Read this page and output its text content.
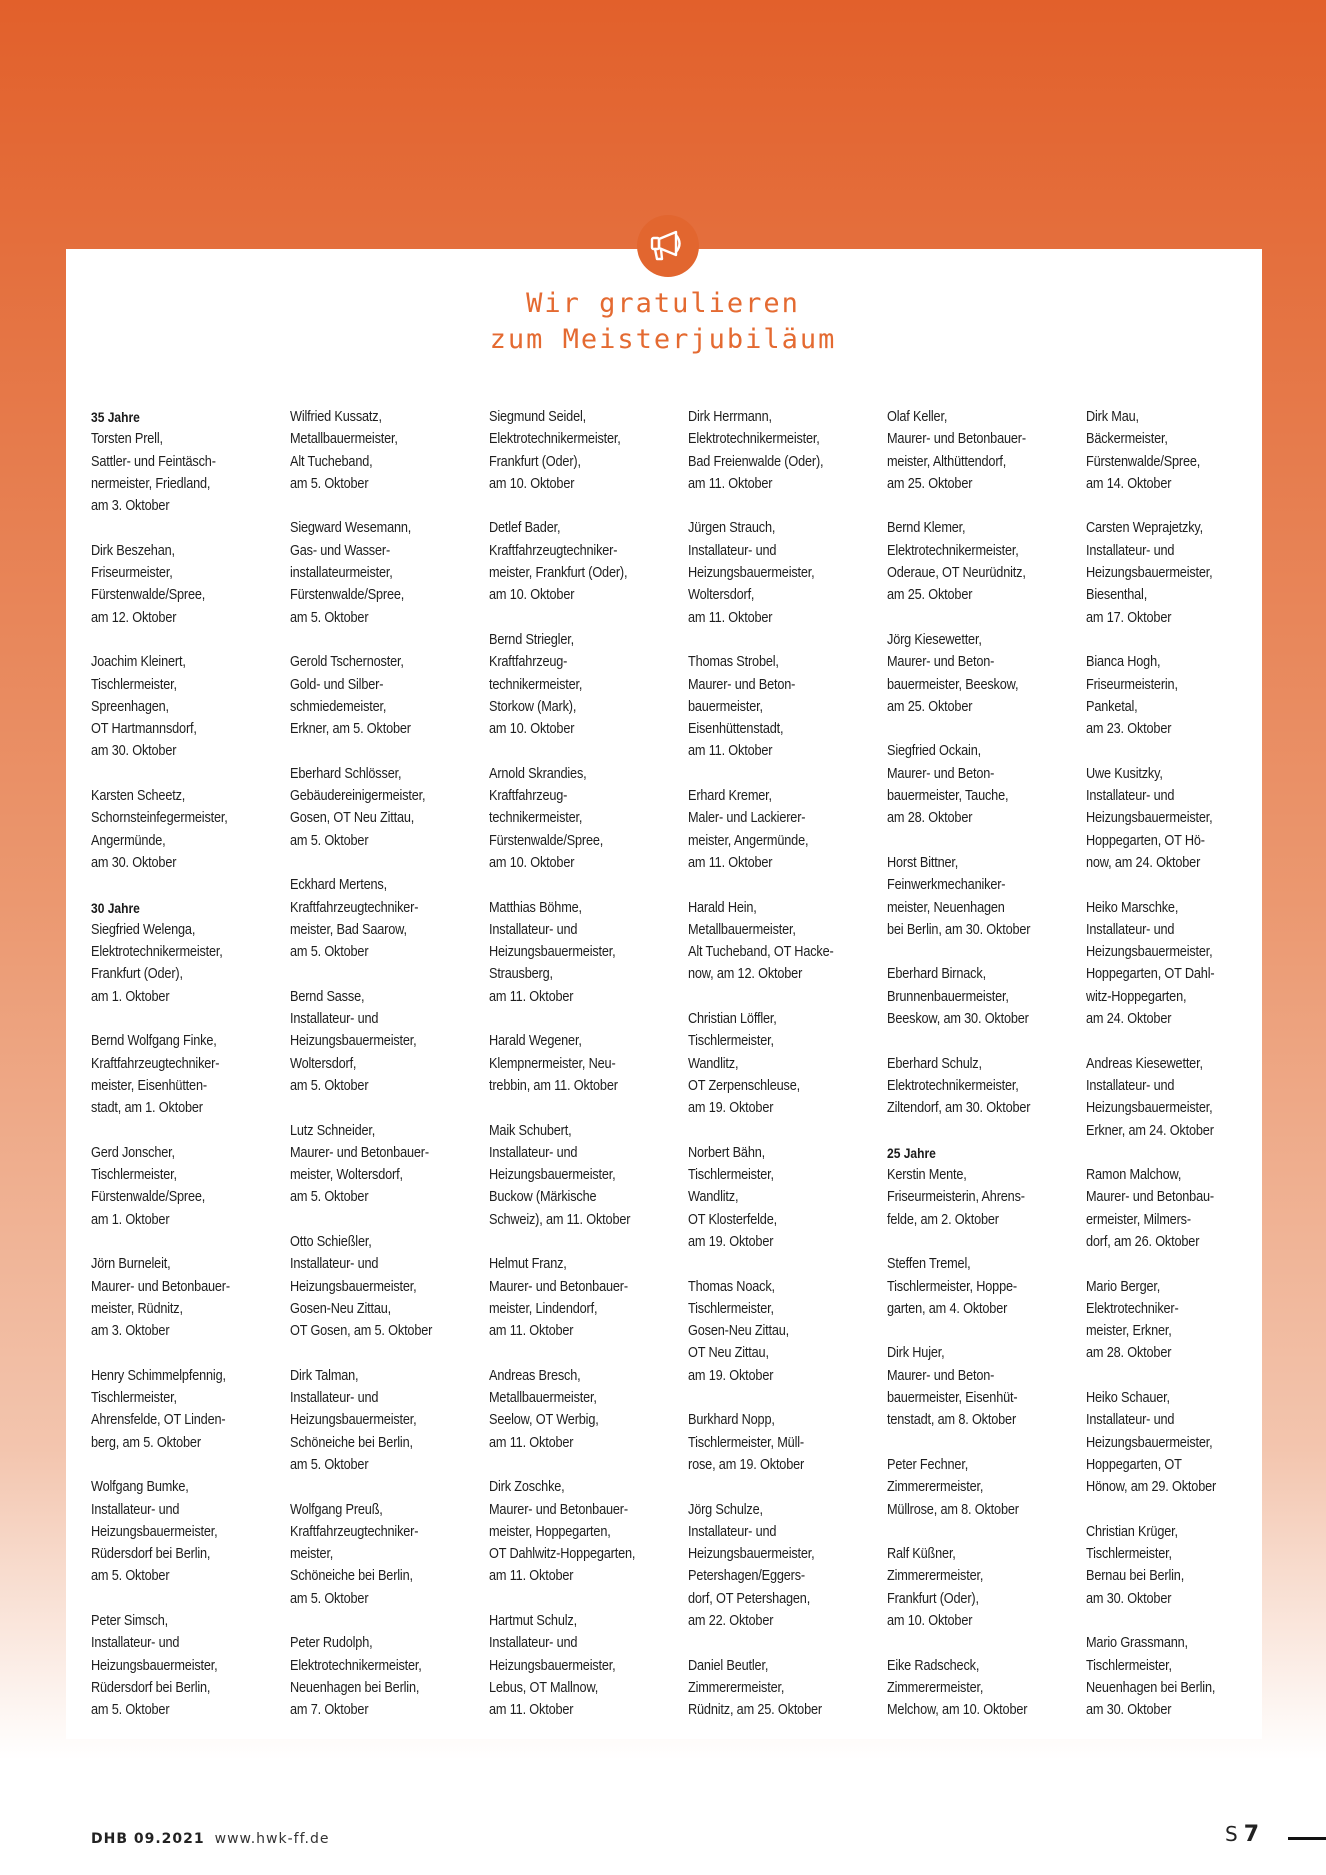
Wir gratulieren
zum Meisterjubiläum
35 Jahre
Torsten Prell,
Sattler- und Feintäsch-
nermeister, Friedland,
am 3. Oktober
Dirk Beszehan,
Friseurmeister,
Fürstenwalde/Spree,
am 12. Oktober
Joachim Kleinert,
Tischlermeister,
Spreenhagen,
OT Hartmannsdorf,
am 30. Oktober
Karsten Scheetz,
Schornsteinfegermeister,
Angermünde,
am 30. Oktober
30 Jahre
Siegfried Welenga,
Elektrotechnikermeister,
Frankfurt (Oder),
am 1. Oktober
Bernd Wolfgang Finke,
Kraftfahrzeugtechniker-
meister, Eisenhütten-
stadt, am 1. Oktober
Gerd Jonscher,
Tischlermeister,
Fürstenwalde/Spree,
am 1. Oktober
Jörn Burneleit,
Maurer- und Betonbauer-
meister, Rüdnitz,
am 3. Oktober
Henry Schimmelpfennig,
Tischlermeister,
Ahrensfelde, OT Linden-
berg, am 5. Oktober
Wolfgang Bumke,
Installateur- und
Heizungsbauermeister,
Rüdersdorf bei Berlin,
am 5. Oktober
Peter Simsch,
Installateur- und
Heizungsbauermeister,
Rüdersdorf bei Berlin,
am 5. Oktober
Wilfried Kussatz,
Metallbauermeister,
Alt Tucheband,
am 5. Oktober
Siegward Wesemann,
Gas- und Wasser-
installateurmeister,
Fürstenwalde/Spree,
am 5. Oktober
Gerold Tschernoster,
Gold- und Silber-
schmiedemeister,
Erkner, am 5. Oktober
Eberhard Schlösser,
Gebäudereinigermeister,
Gosen, OT Neu Zittau,
am 5. Oktober
Eckhard Mertens,
Kraftfahrzeugtechniker-
meister, Bad Saarow,
am 5. Oktober
Bernd Sasse,
Installateur- und
Heizungsbauermeister,
Woltersdorf,
am 5. Oktober
Lutz Schneider,
Maurer- und Betonbauer-
meister, Woltersdorf,
am 5. Oktober
Otto Schießler,
Installateur- und
Heizungsbauermeister,
Gosen-Neu Zittau,
OT Gosen, am 5. Oktober
Dirk Talman,
Installateur- und
Heizungsbauermeister,
Schöneiche bei Berlin,
am 5. Oktober
Wolfgang Preuß,
Kraftfahrzeugtechniker-
meister,
Schöneiche bei Berlin,
am 5. Oktober
Peter Rudolph,
Elektrotechnikermeister,
Neuenhagen bei Berlin,
am 7. Oktober
Siegmund Seidel,
Elektrotechnikermeister,
Frankfurt (Oder),
am 10. Oktober
Detlef Bader,
Kraftfahrzeugtechniker-
meister, Frankfurt (Oder),
am 10. Oktober
Bernd Striegler,
Kraftfahrzeug-
technikermeister,
Storkow (Mark),
am 10. Oktober
Arnold Skrandies,
Kraftfahrzeug-
technikermeister,
Fürstenwalde/Spree,
am 10. Oktober
Matthias Böhme,
Installateur- und
Heizungsbauermeister,
Strausberg,
am 11. Oktober
Harald Wegener,
Klempnermeister, Neu-
trebbin, am 11. Oktober
Maik Schubert,
Installateur- und
Heizungsbauermeister,
Buckow (Märkische
Schweiz), am 11. Oktober
Helmut Franz,
Maurer- und Betonbauer-
meister, Lindendorf,
am 11. Oktober
Andreas Bresch,
Metallbauermeister,
Seelow, OT Werbig,
am 11. Oktober
Dirk Zoschke,
Maurer- und Betonbauer-
meister, Hoppegarten,
OT Dahlwitz-Hoppegarten,
am 11. Oktober
Hartmut Schulz,
Installateur- und
Heizungsbauermeister,
Lebus, OT Mallnow,
am 11. Oktober
Dirk Herrmann,
Elektrotechnikermeister,
Bad Freienwalde (Oder),
am 11. Oktober
Jürgen Strauch,
Installateur- und
Heizungsbauermeister,
Woltersdorf,
am 11. Oktober
Thomas Strobel,
Maurer- und Beton-
bauermeister,
Eisenhüttenstadt,
am 11. Oktober
Erhard Kremer,
Maler- und Lackierer-
meister, Angermünde,
am 11. Oktober
Harald Hein,
Metallbauermeister,
Alt Tucheband, OT Hacke-
now, am 12. Oktober
Christian Löffler,
Tischlermeister,
Wandlitz,
OT Zerpenschleuse,
am 19. Oktober
Norbert Bähn,
Tischlermeister,
Wandlitz,
OT Klosterfelde,
am 19. Oktober
Thomas Noack,
Tischlermeister,
Gosen-Neu Zittau,
OT Neu Zittau,
am 19. Oktober
Burkhard Nopp,
Tischlermeister, Müll-
rose, am 19. Oktober
Jörg Schulze,
Installateur- und
Heizungsbauermeister,
Petershagen/Eggers-
dorf, OT Petershagen,
am 22. Oktober
Daniel Beutler,
Zimmerermeister,
Rüdnitz, am 25. Oktober
Olaf Keller,
Maurer- und Betonbauer-
meister, Althüttendorf,
am 25. Oktober
Bernd Klemer,
Elektrotechnikermeister,
Oderaue, OT Neurüdnitz,
am 25. Oktober
Jörg Kiesewetter,
Maurer- und Beton-
bauermeister, Beeskow,
am 25. Oktober
Siegfried Ockain,
Maurer- und Beton-
bauermeister, Tauche,
am 28. Oktober
Horst Bittner,
Feinwerkmechaniker-
meister, Neuenhagen
bei Berlin, am 30. Oktober
Eberhard Birnack,
Brunnenbauermeister,
Beeskow, am 30. Oktober
Eberhard Schulz,
Elektrotechnikermeister,
Ziltendorf, am 30. Oktober
25 Jahre
Kerstin Mente,
Friseurmeisterin, Ahrens-
felde, am 2. Oktober
Steffen Tremel,
Tischlermeister, Hoppe-
garten, am 4. Oktober
Dirk Hujer,
Maurer- und Beton-
bauermeister, Eisenhüt-
tenstadt, am 8. Oktober
Peter Fechner,
Zimmerermeister,
Müllrose, am 8. Oktober
Ralf Küßner,
Zimmerermeister,
Frankfurt (Oder),
am 10. Oktober
Eike Radscheck,
Zimmerermeister,
Melchow, am 10. Oktober
Dirk Mau,
Bäckermeister,
Fürstenwalde/Spree,
am 14. Oktober
Carsten Weprajetzky,
Installateur- und
Heizungsbauermeister,
Biesenthal,
am 17. Oktober
Bianca Hogh,
Friseurmeisterin,
Panketal,
am 23. Oktober
Uwe Kusitzky,
Installateur- und
Heizungsbauermeister,
Hoppegarten, OT Hö-
now, am 24. Oktober
Heiko Marschke,
Installateur- und
Heizungsbauermeister,
Hoppegarten, OT Dahl-
witz-Hoppegarten,
am 24. Oktober
Andreas Kiesewetter,
Installateur- und
Heizungsbauermeister,
Erkner, am 24. Oktober
Ramon Malchow,
Maurer- und Betonbau-
ermeister, Milmers-
dorf, am 26. Oktober
Mario Berger,
Elektrotechniker-
meister, Erkner,
am 28. Oktober
Heiko Schauer,
Installateur- und
Heizungsbauermeister,
Hoppegarten, OT
Hönow, am 29. Oktober
Christian Krüger,
Tischlermeister,
Bernau bei Berlin,
am 30. Oktober
Mario Grassmann,
Tischlermeister,
Neuenhagen bei Berlin,
am 30. Oktober
DHB 09.2021 www.hwk-ff.de	S 7
